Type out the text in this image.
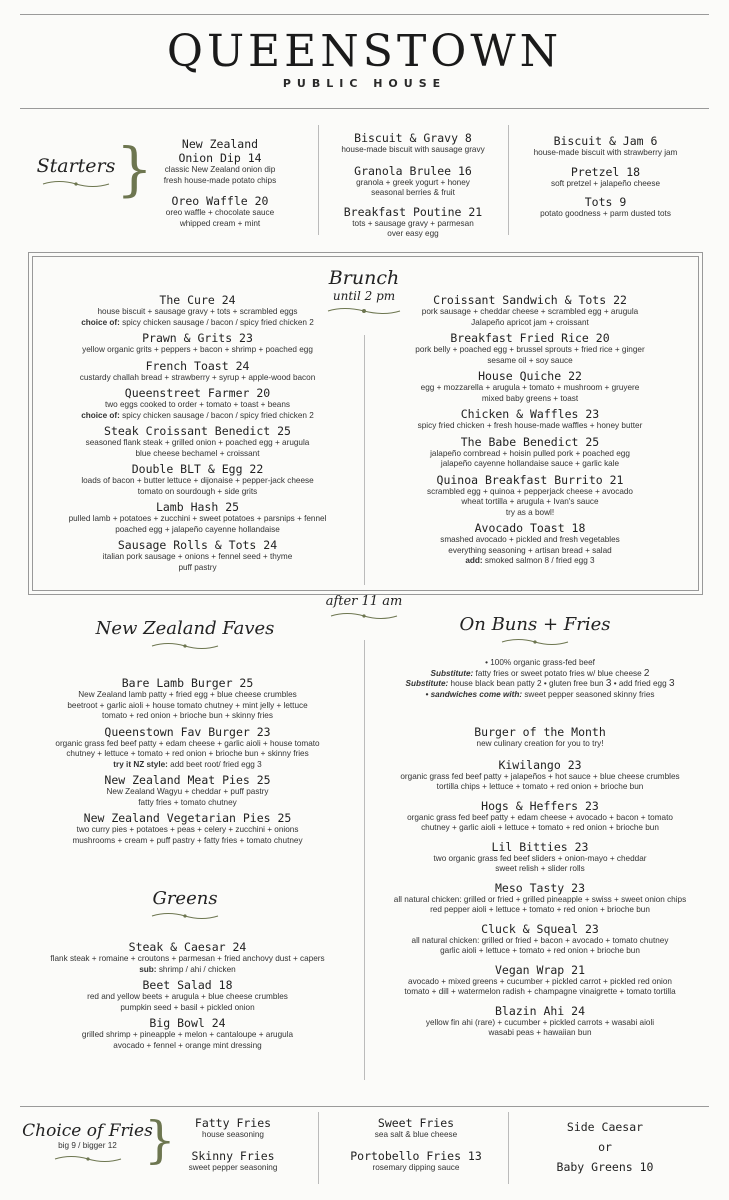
QUEENSTOWN
PUBLIC HOUSE
Starters }	New Zealand
Onion Dip 14
classic New Zealand onion dip
fresh house-made potato chips
Oreo Waffle 20
oreo waffle + chocolate sauce
whipped cream + mint
Biscuit & Gravy 8
house-made biscuit with sausage gravy
Granola Brulee 16
granola + greek yogurt + honey
seasonal berries & fruit
Breakfast Poutine 21
tots + sausage gravy + parmesan
over easy egg
Biscuit & Jam 6
house-made biscuit with strawberry jam
Pretzel 18
soft pretzel + jalapeño cheese
Tots 9
potato goodness + parm dusted tots
Brunch
until 2 pm
The Cure 24
house biscuit + sausage gravy + tots + scrambled eggs
choice of: spicy chicken sausage / bacon / spicy fried chicken 2
Prawn & Grits 23
yellow organic grits + peppers + bacon + shrimp + poached egg
French Toast 24
custardy challah bread + strawberry + syrup + apple-wood bacon
Queenstreet Farmer 20
two eggs cooked to order + tomato + toast + beans
choice of: spicy chicken sausage / bacon / spicy fried chicken 2
Steak Croissant Benedict 25
seasoned flank steak + grilled onion + poached egg + arugula
blue cheese bechamel + croissant
Double BLT & Egg 22
loads of bacon + butter lettuce + dijonaise + pepper-jack cheese
tomato on sourdough + side grits
Lamb Hash 25
pulled lamb + potatoes + zucchini + sweet potatoes + parsnips + fennel
poached egg + jalapeño cayenne hollandaise
Sausage Rolls & Tots 24
italian pork sausage + onions + fennel seed + thyme
puff pastry
Croissant Sandwich & Tots 22
pork sausage + cheddar cheese + scrambled egg + arugula
Jalapeño apricot jam + croissant
Breakfast Fried Rice 20
pork belly + poached egg + brussel sprouts + fried rice + ginger
sesame oil + soy sauce
House Quiche 22
egg + mozzarella + arugula + tomato + mushroom + gruyere
mixed baby greens + toast
Chicken & Waffles 23
spicy fried chicken + fresh house-made waffles + honey butter
The Babe Benedict 25
jalapeño cornbread + hoisin pulled pork + poached egg
jalapeño cayenne hollandaise sauce + garlic kale
Quinoa Breakfast Burrito 21
scrambled egg + quinoa + pepperjack cheese + avocado
wheat tortilla + arugula + Ivan's sauce
try as a bowl!
Avocado Toast 18
smashed avocado + pickled and fresh vegetables
everything seasoning + artisan bread + salad
add: smoked salmon 8 / fried egg 3
after 11 am
New Zealand Faves
Bare Lamb Burger 25
New Zealand lamb patty + fried egg + blue cheese crumbles
beetroot + garlic aioli + house tomato chutney + mint jelly + lettuce
tomato + red onion + brioche bun + skinny fries
Queenstown Fav Burger 23
organic grass fed beef patty + edam cheese + garlic aioli + house tomato
chutney + lettuce + tomato + red onion + brioche bun + skinny fries
try it NZ style: add beet root/ fried egg 3
New Zealand Meat Pies 25
New Zealand Wagyu + cheddar + puff pastry
fatty fries + tomato chutney
New Zealand Vegetarian Pies 25
two curry pies + potatoes + peas + celery + zucchini + onions
mushrooms + cream + puff pastry + fatty fries + tomato chutney
Greens
Steak & Caesar 24
flank steak + romaine + croutons + parmesan + fried anchovy dust + capers
sub: shrimp / ahi / chicken
Beet Salad 18
red and yellow beets + arugula + blue cheese crumbles
pumpkin seed + basil + pickled onion
Big Bowl 24
grilled shrimp + pineapple + melon + cantaloupe + arugula
avocado + fennel + orange mint dressing
On Buns + Fries
• 100% organic grass-fed beef
Substitute: fatty fries or sweet potato fries w/ blue cheese 2
Substitute: house black bean patty 2 • gluten free bun 3 • add fried egg 3
• sandwiches come with: sweet pepper seasoned skinny fries
Burger of the Month
new culinary creation for you to try!
Kiwilango 23
organic grass fed beef patty + jalapeños + hot sauce + blue cheese crumbles
tortilla chips + lettuce + tomato + red onion + brioche bun
Hogs & Heffers 23
organic grass fed beef patty + edam cheese + avocado + bacon + tomato
chutney + garlic aioli + lettuce + tomato + red onion + brioche bun
Lil Bitties 23
two organic grass fed beef sliders + onion-mayo + cheddar
sweet relish + slider rolls
Meso Tasty 23
all natural chicken: grilled or fried + grilled pineapple + swiss + sweet onion chips
red pepper aioli + lettuce + tomato + red onion + brioche bun
Cluck & Squeal 23
all natural chicken: grilled or fried + bacon + avocado + tomato chutney
garlic aioli + lettuce + tomato + red onion + brioche bun
Vegan Wrap 21
avocado + mixed greens + cucumber + pickled carrot + pickled red onion
tomato + dill + watermelon radish + champagne vinaigrette + tomato tortilla
Blazin Ahi 24
yellow fin ahi (rare) + cucumber + pickled carrots + wasabi aioli
wasabi peas + hawaiian bun
Choice of Fries
big 9 / bigger 12 }	Fatty Fries
house seasoning
Skinny Fries
sweet pepper seasoning
Sweet Fries
sea salt & blue cheese
Portobello Fries 13
rosemary dipping sauce
Side Caesar
or
Baby Greens 10
